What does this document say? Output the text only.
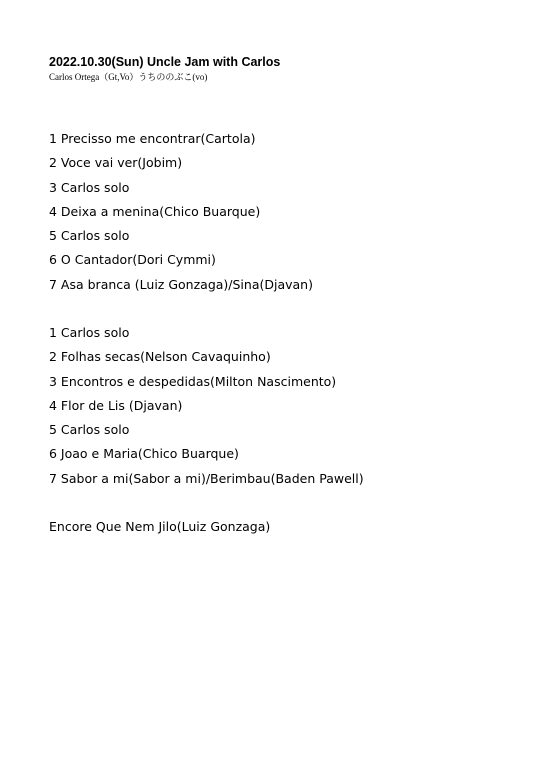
2022.10.30(Sun) Uncle Jam with Carlos
Carlos Ortega（Gt,Vo）うちののぶこ(vo)
1 Precisso me encontrar(Cartola)
2 Voce vai ver(Jobim)
3 Carlos solo
4 Deixa a menina(Chico Buarque)
5 Carlos solo
6 O Cantador(Dori Cymmi)
7 Asa branca (Luiz Gonzaga)/Sina(Djavan)
1 Carlos solo
2 Folhas secas(Nelson Cavaquinho)
3 Encontros e despedidas(Milton Nascimento)
4 Flor de Lis (Djavan)
5 Carlos solo
6 Joao e Maria(Chico Buarque)
7 Sabor a mi(Sabor a mi)/Berimbau(Baden Pawell)
Encore Que Nem Jilo(Luiz Gonzaga)
